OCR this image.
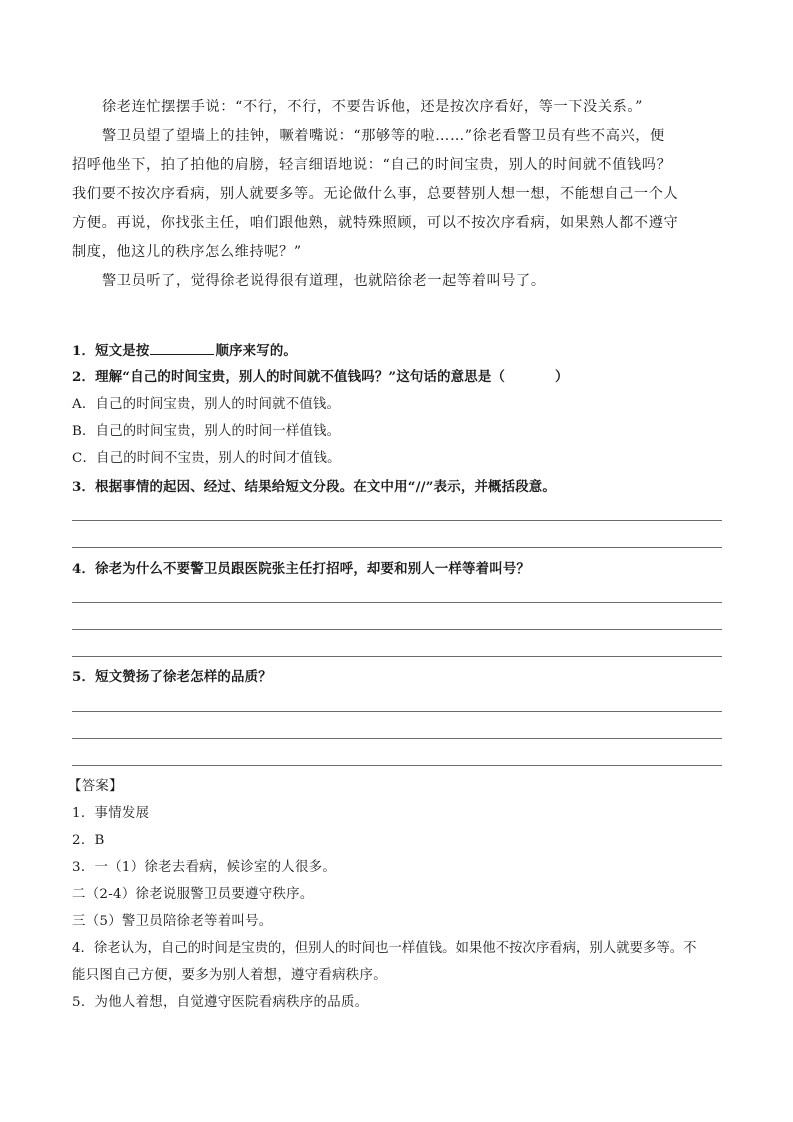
徐老连忙摆摆手说：“不行，不行，不要告诉他，还是按次序看好，等一下没关系。”
警卫员望了望墙上的挂钟，噘着嘴说：“那够等的啦……”徐老看警卫员有些不高兴，便
招呼他坐下，拍了拍他的肩膀，轻言细语地说：“自己的时间宝贵，别人的时间就不值钱吗？
我们要不按次序看病，别人就要多等。无论做什么事，总要替别人想一想，不能想自己一个人
方便。再说，你找张主任，咱们跟他熟，就特殊照顾，可以不按次序看病，如果熟人都不遵守
制度，他这儿的秩序怎么维持呢？”
警卫员听了，觉得徐老说得很有道理，也就陪徐老一起等着叫号了。
1．短文是按	顺序来写的。
2．理解“自己的时间宝贵，别人的时间就不值钱吗？”这句话的意思是（	）
A．自己的时间宝贵，别人的时间就不值钱。
B．自己的时间宝贵，别人的时间一样值钱。
C．自己的时间不宝贵，别人的时间才值钱。
3．根据事情的起因、经过、结果给短文分段。在文中用“//”表示，并概括段意。
4．徐老为什么不要警卫员跟医院张主任打招呼，却要和别人一样等着叫号？
5．短文赞扬了徐老怎样的品质？
【答案】
1．事情发展
2．B
3．一（1）徐老去看病，候诊室的人很多。
二（2-4）徐老说服警卫员要遵守秩序。
三（5）警卫员陪徐老等着叫号。
4．徐老认为，自己的时间是宝贵的，但别人的时间也一样值钱。如果他不按次序看病，别人就要多等。不
能只图自己方便，要多为别人着想，遵守看病秩序。
5．为他人着想，自觉遵守医院看病秩序的品质。
